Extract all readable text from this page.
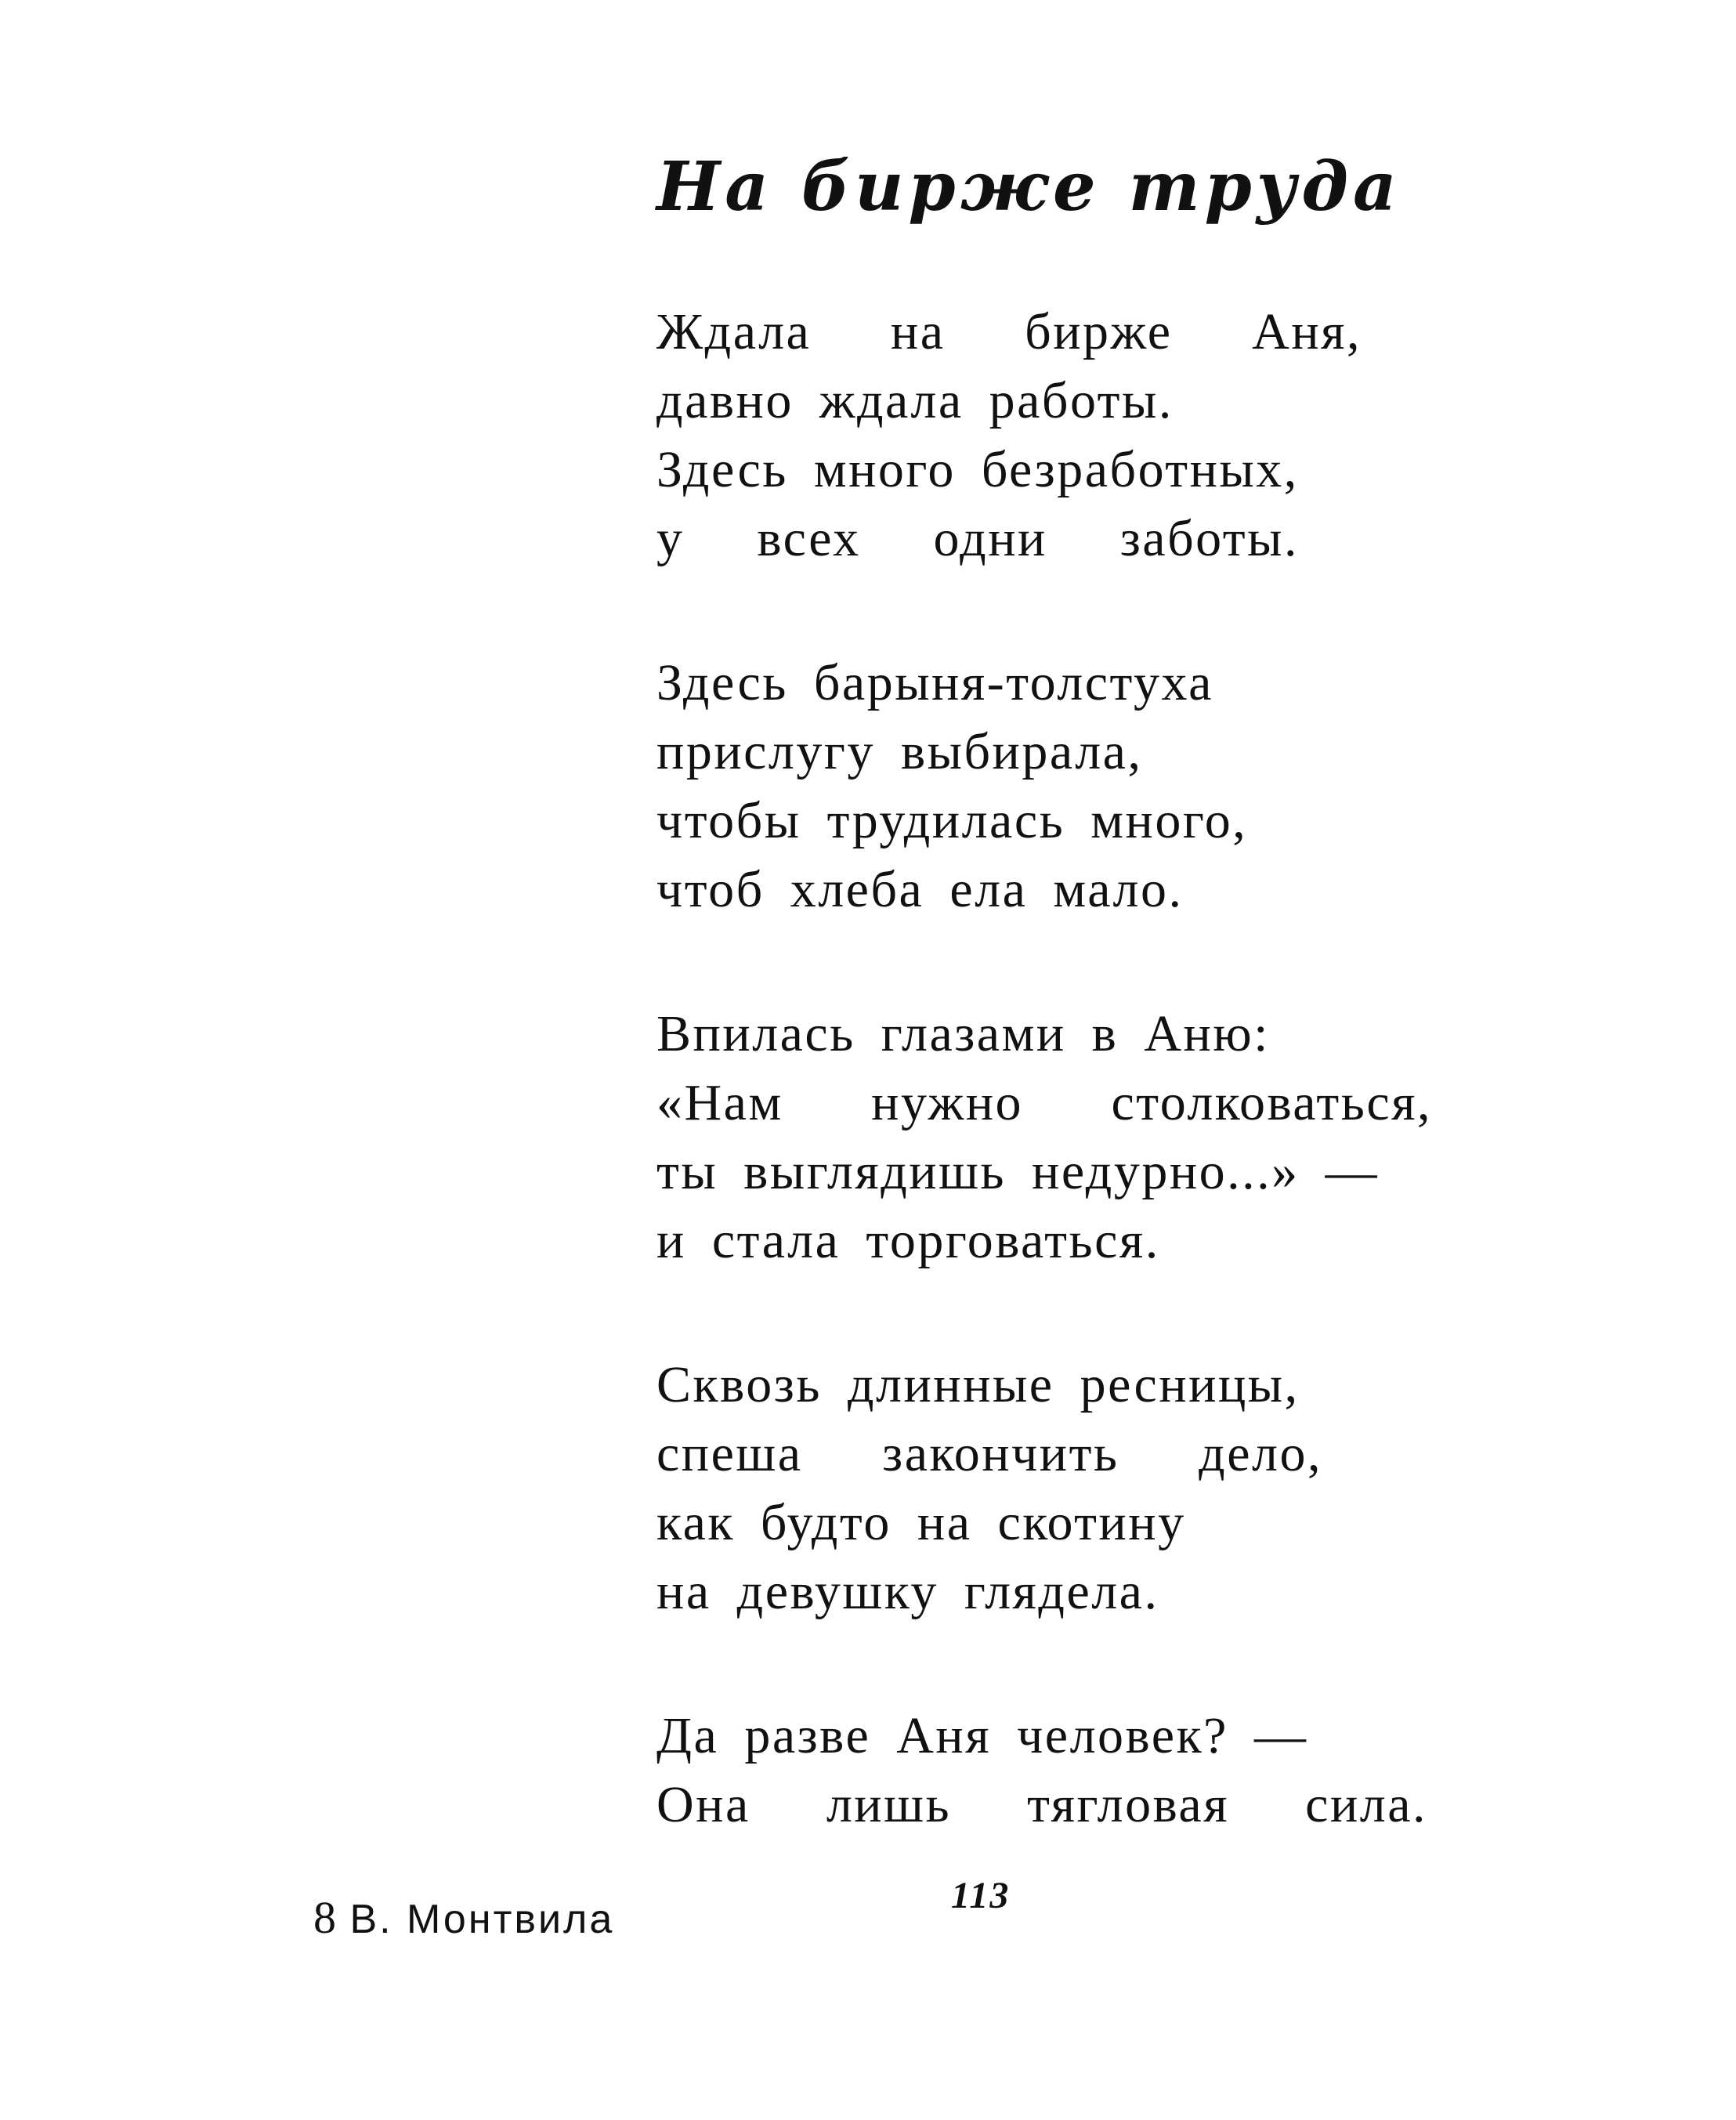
На бирже труда
Ждала на бирже Аня,
давно ждала работы.
Здесь много безработных,
у всех одни заботы.
Здесь барыня-толстуха
прислугу выбирала,
чтобы трудилась много,
чтоб хлеба ела мало.
Впилась глазами в Аню:
«Нам нужно столковаться,
ты выглядишь недурно...» —
и стала торговаться.
Сквозь длинные ресницы,
спеша закончить дело,
как будто на скотину
на девушку глядела.
Да разве Аня человек? —
Она лишь тягловая сила.
8 В. Монтвила
113
